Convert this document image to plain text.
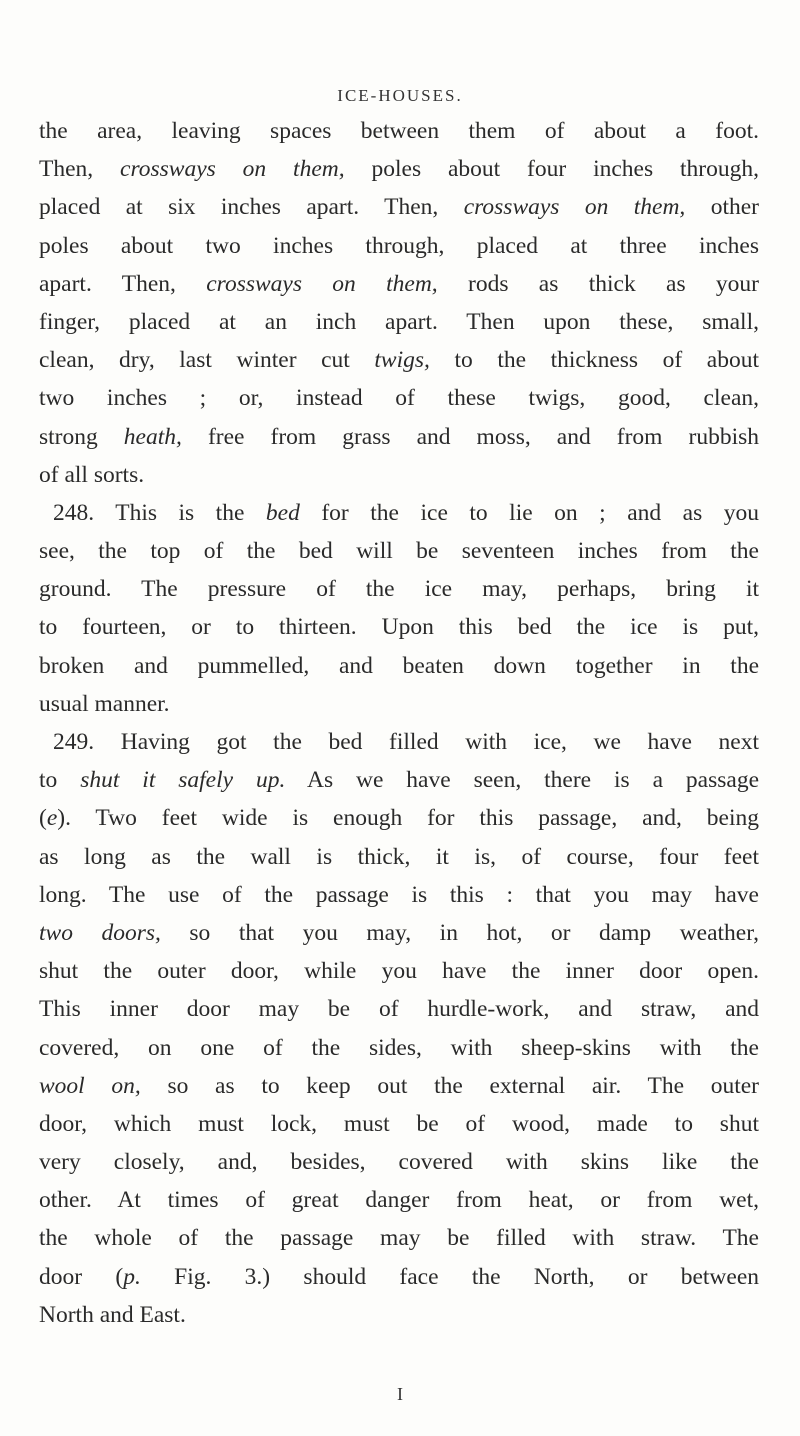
ICE-HOUSES.
the area, leaving spaces between them of about a foot.
Then, crossways on them, poles about four inches through,
placed at six inches apart. Then, crossways on them, other
poles about two inches through, placed at three inches
apart. Then, crossways on them, rods as thick as your
finger, placed at an inch apart. Then upon these, small,
clean, dry, last winter cut twigs, to the thickness of about
two inches ; or, instead of these twigs, good, clean,
strong heath, free from grass and moss, and from rubbish
of all sorts.
248. This is the bed for the ice to lie on ; and as you
see, the top of the bed will be seventeen inches from the
ground. The pressure of the ice may, perhaps, bring it
to fourteen, or to thirteen. Upon this bed the ice is put,
broken and pummelled, and beaten down together in the
usual manner.
249. Having got the bed filled with ice, we have next
to shut it safely up. As we have seen, there is a passage
(e). Two feet wide is enough for this passage, and, being
as long as the wall is thick, it is, of course, four feet
long. The use of the passage is this : that you may have
two doors, so that you may, in hot, or damp weather,
shut the outer door, while you have the inner door open.
This inner door may be of hurdle-work, and straw, and
covered, on one of the sides, with sheep-skins with the
wool on, so as to keep out the external air. The outer
door, which must lock, must be of wood, made to shut
very closely, and, besides, covered with skins like the
other. At times of great danger from heat, or from wet,
the whole of the passage may be filled with straw. The
door (p. Fig. 3.) should face the North, or between
North and East.
I
